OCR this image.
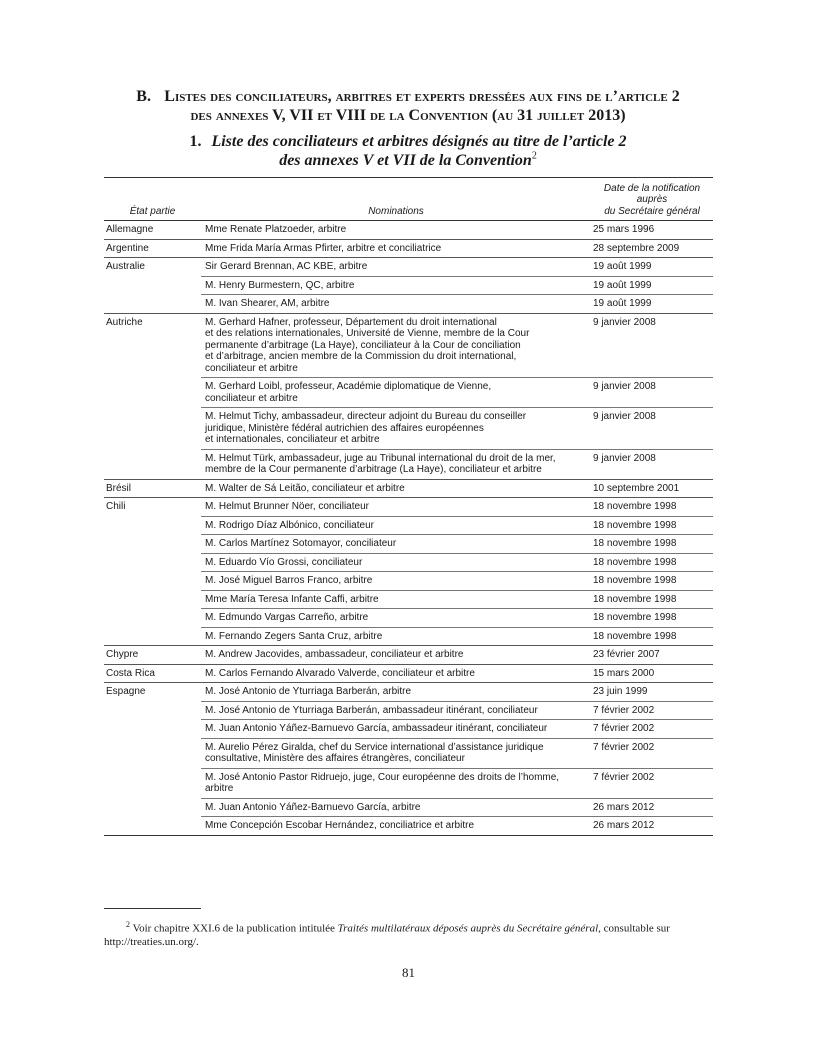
B. Listes des conciliateurs, arbitres et experts dressées aux fins de l’article 2
des annexes V, VII et VIII de la Convention (au 31 juillet 2013)
1. Liste des conciliateurs et arbitres désignés au titre de l’article 2
des annexes V et VII de la Convention$^2$
État partie	Nominations	Date de la notification
auprès
du Secrétaire général

Allemagne	Mme Renate Platzoeder, arbitre	25 mars 1996
Argentine	Mme Frida María Armas Pfirter, arbitre et conciliatrice	28 septembre 2009
Australie	Sir Gerard Brennan, AC KBE, arbitre	19 août 1999
	M. Henry Burmestern, QC, arbitre	19 août 1999
	M. Ivan Shearer, AM, arbitre	19 août 1999
Autriche	M. Gerhard Hafner, professeur, Département du droit international
et des relations internationales, Université de Vienne, membre de la Cour
permanente d’arbitrage (La Haye), conciliateur à la Cour de conciliation
et d’arbitrage, ancien membre de la Commission du droit international,
conciliateur et arbitre	9 janvier 2008

	M. Gerhard Loibl, professeur, Académie diplomatique de Vienne,
conciliateur et arbitre	9 janvier 2008

	M. Helmut Tichy, ambassadeur, directeur adjoint du Bureau du conseiller
juridique, Ministère fédéral autrichien des affaires européennes
et internationales, conciliateur et arbitre	9 janvier 2008

	M. Helmut Türk, ambassadeur, juge au Tribunal international du droit de la mer,
membre de la Cour permanente d’arbitrage (La Haye), conciliateur et arbitre	9 janvier 2008
Brésil	M. Walter de Sá Leitão, conciliateur et arbitre	10 septembre 2001
Chili	M. Helmut Brunner Nöer, conciliateur	18 novembre 1998
	M. Rodrigo Díaz Albónico, conciliateur	18 novembre 1998
	M. Carlos Martínez Sotomayor, conciliateur	18 novembre 1998
	M. Eduardo Vío Grossi, conciliateur	18 novembre 1998
	M. José Miguel Barros Franco, arbitre	18 novembre 1998
	Mme María Teresa Infante Caffi, arbitre	18 novembre 1998
	M. Edmundo Vargas Carreño, arbitre	18 novembre 1998
	M. Fernando Zegers Santa Cruz, arbitre	18 novembre 1998
Chypre	M. Andrew Jacovides, ambassadeur, conciliateur et arbitre	23 février 2007
Costa Rica	M. Carlos Fernando Alvarado Valverde, conciliateur et arbitre	15 mars 2000
Espagne	M. José Antonio de Yturriaga Barberán, arbitre	23 juin 1999
	M. José Antonio de Yturriaga Barberán, ambassadeur itinérant, conciliateur	7 février 2002
	M. Juan Antonio Yáñez-Barnuevo García, ambassadeur itinérant, conciliateur	7 février 2002

	M. Aurelio Pérez Giralda, chef du Service international d’assistance juridique
consultative, Ministère des affaires étrangères, conciliateur	7 février 2002

	M. José Antonio Pastor Ridruejo, juge, Cour européenne des droits de l’homme,
arbitre	7 février 2002
	M. Juan Antonio Yáñez-Barnuevo García, arbitre	26 mars 2012
	Mme Concepción Escobar Hernández, conciliatrice et arbitre	26 mars 2012
$^2$ Voir chapitre XXI.6 de la publication intitulée Traités multilatéraux déposés auprès du Secrétaire général, consultable sur http://treaties.un.org/.
81
